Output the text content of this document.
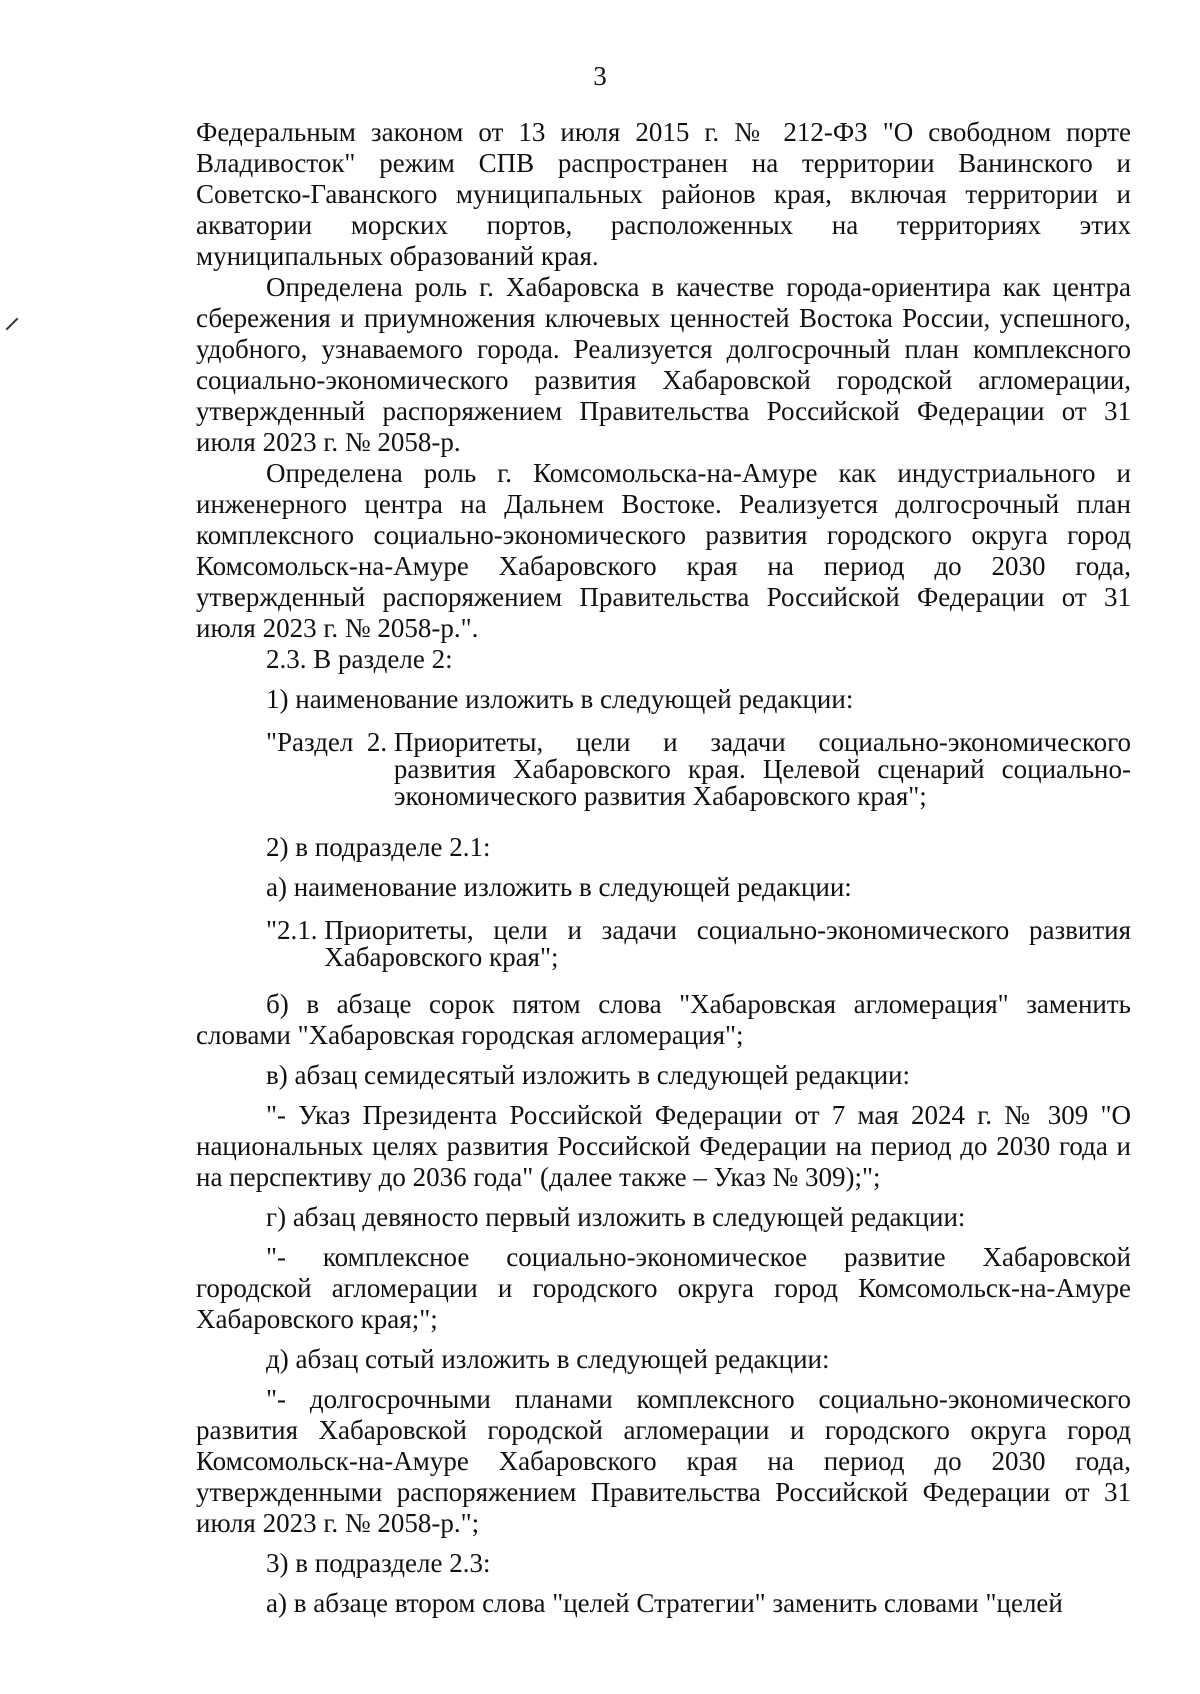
3

Федеральным законом от 13 июля 2015 г. № 212-ФЗ "О свободном порте Владивосток" режим СПВ распространен на территории Ванинского и Советско-Гаванского муниципальных районов края, включая территории и акватории морских портов, расположенных на территориях этих муниципальных образований края.

Определена роль г. Хабаровска в качестве города-ориентира как центра сбережения и приумножения ключевых ценностей Востока России, успешного, удобного, узнаваемого города. Реализуется долгосрочный план комплексного социально-экономического развития Хабаровской городской агломерации, утвержденный распоряжением Правительства Российской Федерации от 31 июля 2023 г. № 2058-р.

Определена роль г. Комсомольска-на-Амуре как индустриального и инженерного центра на Дальнем Востоке. Реализуется долгосрочный план комплексного социально-экономического развития городского округа город Комсомольск-на-Амуре Хабаровского края на период до 2030 года, утвержденный распоряжением Правительства Российской Федерации от 31 июля 2023 г. № 2058-р.".

2.3. В разделе 2:

1) наименование изложить в следующей редакции:

"Раздел  2. Приоритеты, цели и задачи социально-экономического развития Хабаровского края. Целевой сценарий социально-экономического развития Хабаровского края";

2) в подразделе 2.1:

а) наименование изложить в следующей редакции:

"2.1. Приоритеты, цели и задачи социально-экономического развития Хабаровского края";

б) в абзаце сорок пятом слова "Хабаровская агломерация" заменить словами "Хабаровская городская агломерация";

в) абзац семидесятый изложить в следующей редакции:

"- Указ Президента Российской Федерации от 7 мая 2024 г. № 309 "О национальных целях развития Российской Федерации на период до 2030 года и на перспективу до 2036 года" (далее также – Указ № 309);";

г) абзац девяносто первый изложить в следующей редакции:

"- комплексное социально-экономическое развитие Хабаровской городской агломерации и городского округа город Комсомольск-на-Амуре Хабаровского края;";

д) абзац сотый изложить в следующей редакции:

"- долгосрочными планами комплексного социально-экономического развития Хабаровской городской агломерации и городского округа город Комсомольск-на-Амуре Хабаровского края на период до 2030 года, утвержденными распоряжением Правительства Российской Федерации от 31 июля 2023 г. № 2058-р.";

3) в подразделе 2.3:

а) в абзаце втором слова "целей Стратегии" заменить словами "целей
